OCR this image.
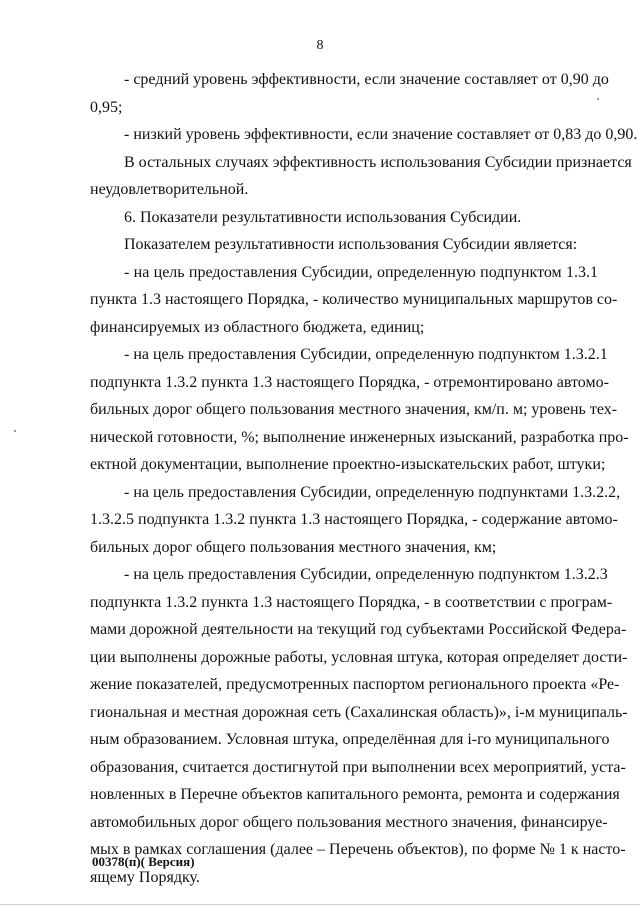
8
- средний уровень эффективности, если значение составляет от 0,90 до
0,95;
- низкий уровень эффективности, если значение составляет от 0,83 до 0,90.
В остальных случаях эффективность использования Субсидии признается
неудовлетворительной.
6. Показатели результативности использования Субсидии.
Показателем результативности использования Субсидии является:
- на цель предоставления Субсидии, определенную подпунктом 1.3.1
пункта 1.3 настоящего Порядка, - количество муниципальных маршрутов со-
финансируемых из областного бюджета, единиц;
- на цель предоставления Субсидии, определенную подпунктом 1.3.2.1
подпункта 1.3.2 пункта 1.3 настоящего Порядка, - отремонтировано автомо-
бильных дорог общего пользования местного значения, км/п. м; уровень тех-
нической готовности, %; выполнение инженерных изысканий, разработка про-
ектной документации, выполнение проектно-изыскательских работ, штуки;
- на цель предоставления Субсидии, определенную подпунктами 1.3.2.2,
1.3.2.5 подпункта 1.3.2 пункта 1.3 настоящего Порядка, - содержание автомо-
бильных дорог общего пользования местного значения, км;
- на цель предоставления Субсидии, определенную подпунктом 1.3.2.3
подпункта 1.3.2 пункта 1.3 настоящего Порядка, - в соответствии с програм-
мами дорожной деятельности на текущий год субъектами Российской Федера-
ции выполнены дорожные работы, условная штука, которая определяет дости-
жение показателей, предусмотренных паспортом регионального проекта «Ре-
гиональная и местная дорожная сеть (Сахалинская область)», i-м муниципаль-
ным образованием. Условная штука, определённая для i-го муниципального
образования, считается достигнутой при выполнении всех мероприятий, уста-
новленных в Перечне объектов капитального ремонта, ремонта и содержания
автомобильных дорог общего пользования местного значения, финансируе-
мых в рамках соглашения (далее – Перечень объектов), по форме № 1 к насто-
ящему Порядку.
00378(п)( Версия)
